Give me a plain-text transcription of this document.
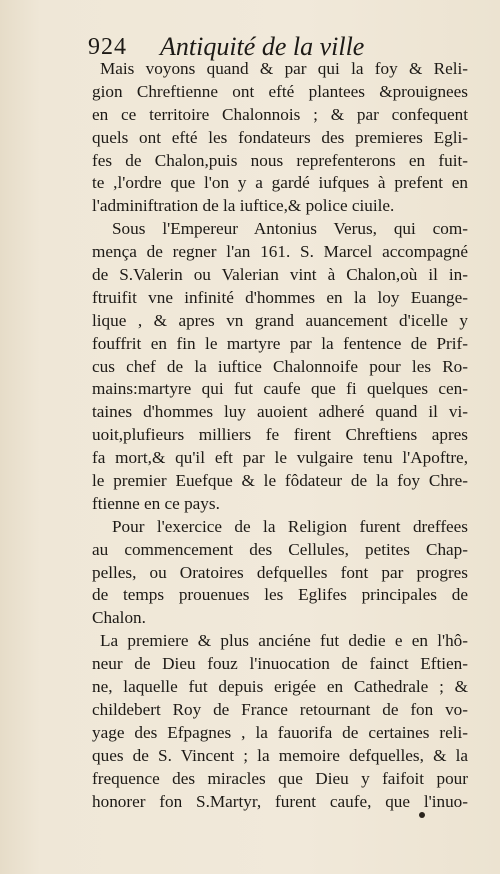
924 Antiquité de la ville
Mais voyons quand & par qui la foy & Reli-
gion Chreftienne ont efté plantees &prouignees
en ce territoire Chalonnois ; & par confequent
quels ont efté les fondateurs des premieres Egli-
fes de Chalon,puis nous reprefenterons en fuit-
te ,l'ordre que l'on y a gardé iufques à prefent en
l'adminiftration de la iuftice,& police ciuile.
Sous l'Empereur Antonius Verus, qui com-
mença de regner l'an 161. S. Marcel accompagné
de S.Valerin ou Valerian vint à Chalon,où il in-
ftruifit vne infinité d'hommes en la loy Euange-
lique , & apres vn grand auancement d'icelle y
fouffrit en fin le martyre par la fentence de Prif-
cus chef de la iuftice Chalonnoife pour les Ro-
mains:martyre qui fut caufe que fi quelques cen-
taines d'hommes luy auoient adheré quand il vi-
uoit,plufieurs milliers fe firent Chreftiens apres
fa mort,& qu'il eft par le vulgaire tenu l'Apoftre,
le premier Euefque & le fôdateur de la foy Chre-
ftienne en ce pays.
Pour l'exercice de la Religion furent dreffees
au commencement des Cellules, petites Chap-
pelles, ou Oratoires defquelles font par progres
de temps prouenues les Eglifes principales de
Chalon.
La premiere & plus anciéne fut dedie e en l'hô-
neur de Dieu fouz l'inuocation de fainct Eftien-
ne, laquelle fut depuis erigée en Cathedrale ; &
childebert Roy de France retournant de fon vo-
yage des Efpagnes , la fauorifa de certaines reli-
ques de S. Vincent ; la memoire defquelles, & la
frequence des miracles que Dieu y faifoit pour
honorer fon S.Martyr, furent caufe, que l'inuo-
